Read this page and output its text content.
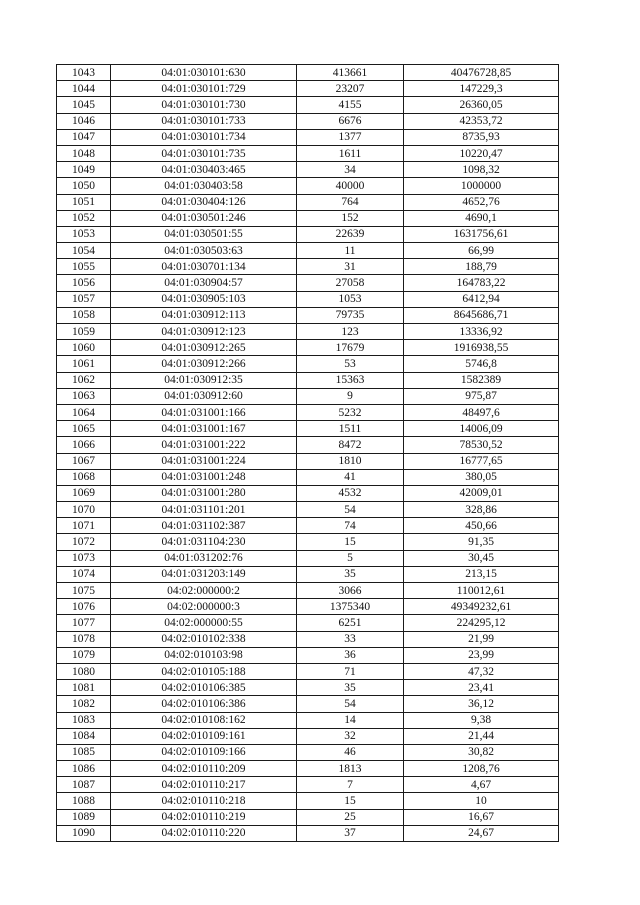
1043	04:01:030101:630	413661	40476728,85
1044	04:01:030101:729	23207	147229,3
1045	04:01:030101:730	4155	26360,05
1046	04:01:030101:733	6676	42353,72
1047	04:01:030101:734	1377	8735,93
1048	04:01:030101:735	1611	10220,47
1049	04:01:030403:465	34	1098,32
1050	04:01:030403:58	40000	1000000
1051	04:01:030404:126	764	4652,76
1052	04:01:030501:246	152	4690,1
1053	04:01:030501:55	22639	1631756,61
1054	04:01:030503:63	11	66,99
1055	04:01:030701:134	31	188,79
1056	04:01:030904:57	27058	164783,22
1057	04:01:030905:103	1053	6412,94
1058	04:01:030912:113	79735	8645686,71
1059	04:01:030912:123	123	13336,92
1060	04:01:030912:265	17679	1916938,55
1061	04:01:030912:266	53	5746,8
1062	04:01:030912:35	15363	1582389
1063	04:01:030912:60	9	975,87
1064	04:01:031001:166	5232	48497,6
1065	04:01:031001:167	1511	14006,09
1066	04:01:031001:222	8472	78530,52
1067	04:01:031001:224	1810	16777,65
1068	04:01:031001:248	41	380,05
1069	04:01:031001:280	4532	42009,01
1070	04:01:031101:201	54	328,86
1071	04:01:031102:387	74	450,66
1072	04:01:031104:230	15	91,35
1073	04:01:031202:76	5	30,45
1074	04:01:031203:149	35	213,15
1075	04:02:000000:2	3066	110012,61
1076	04:02:000000:3	1375340	49349232,61
1077	04:02:000000:55	6251	224295,12
1078	04:02:010102:338	33	21,99
1079	04:02:010103:98	36	23,99
1080	04:02:010105:188	71	47,32
1081	04:02:010106:385	35	23,41
1082	04:02:010106:386	54	36,12
1083	04:02:010108:162	14	9,38
1084	04:02:010109:161	32	21,44
1085	04:02:010109:166	46	30,82
1086	04:02:010110:209	1813	1208,76
1087	04:02:010110:217	7	4,67
1088	04:02:010110:218	15	10
1089	04:02:010110:219	25	16,67
1090	04:02:010110:220	37	24,67
